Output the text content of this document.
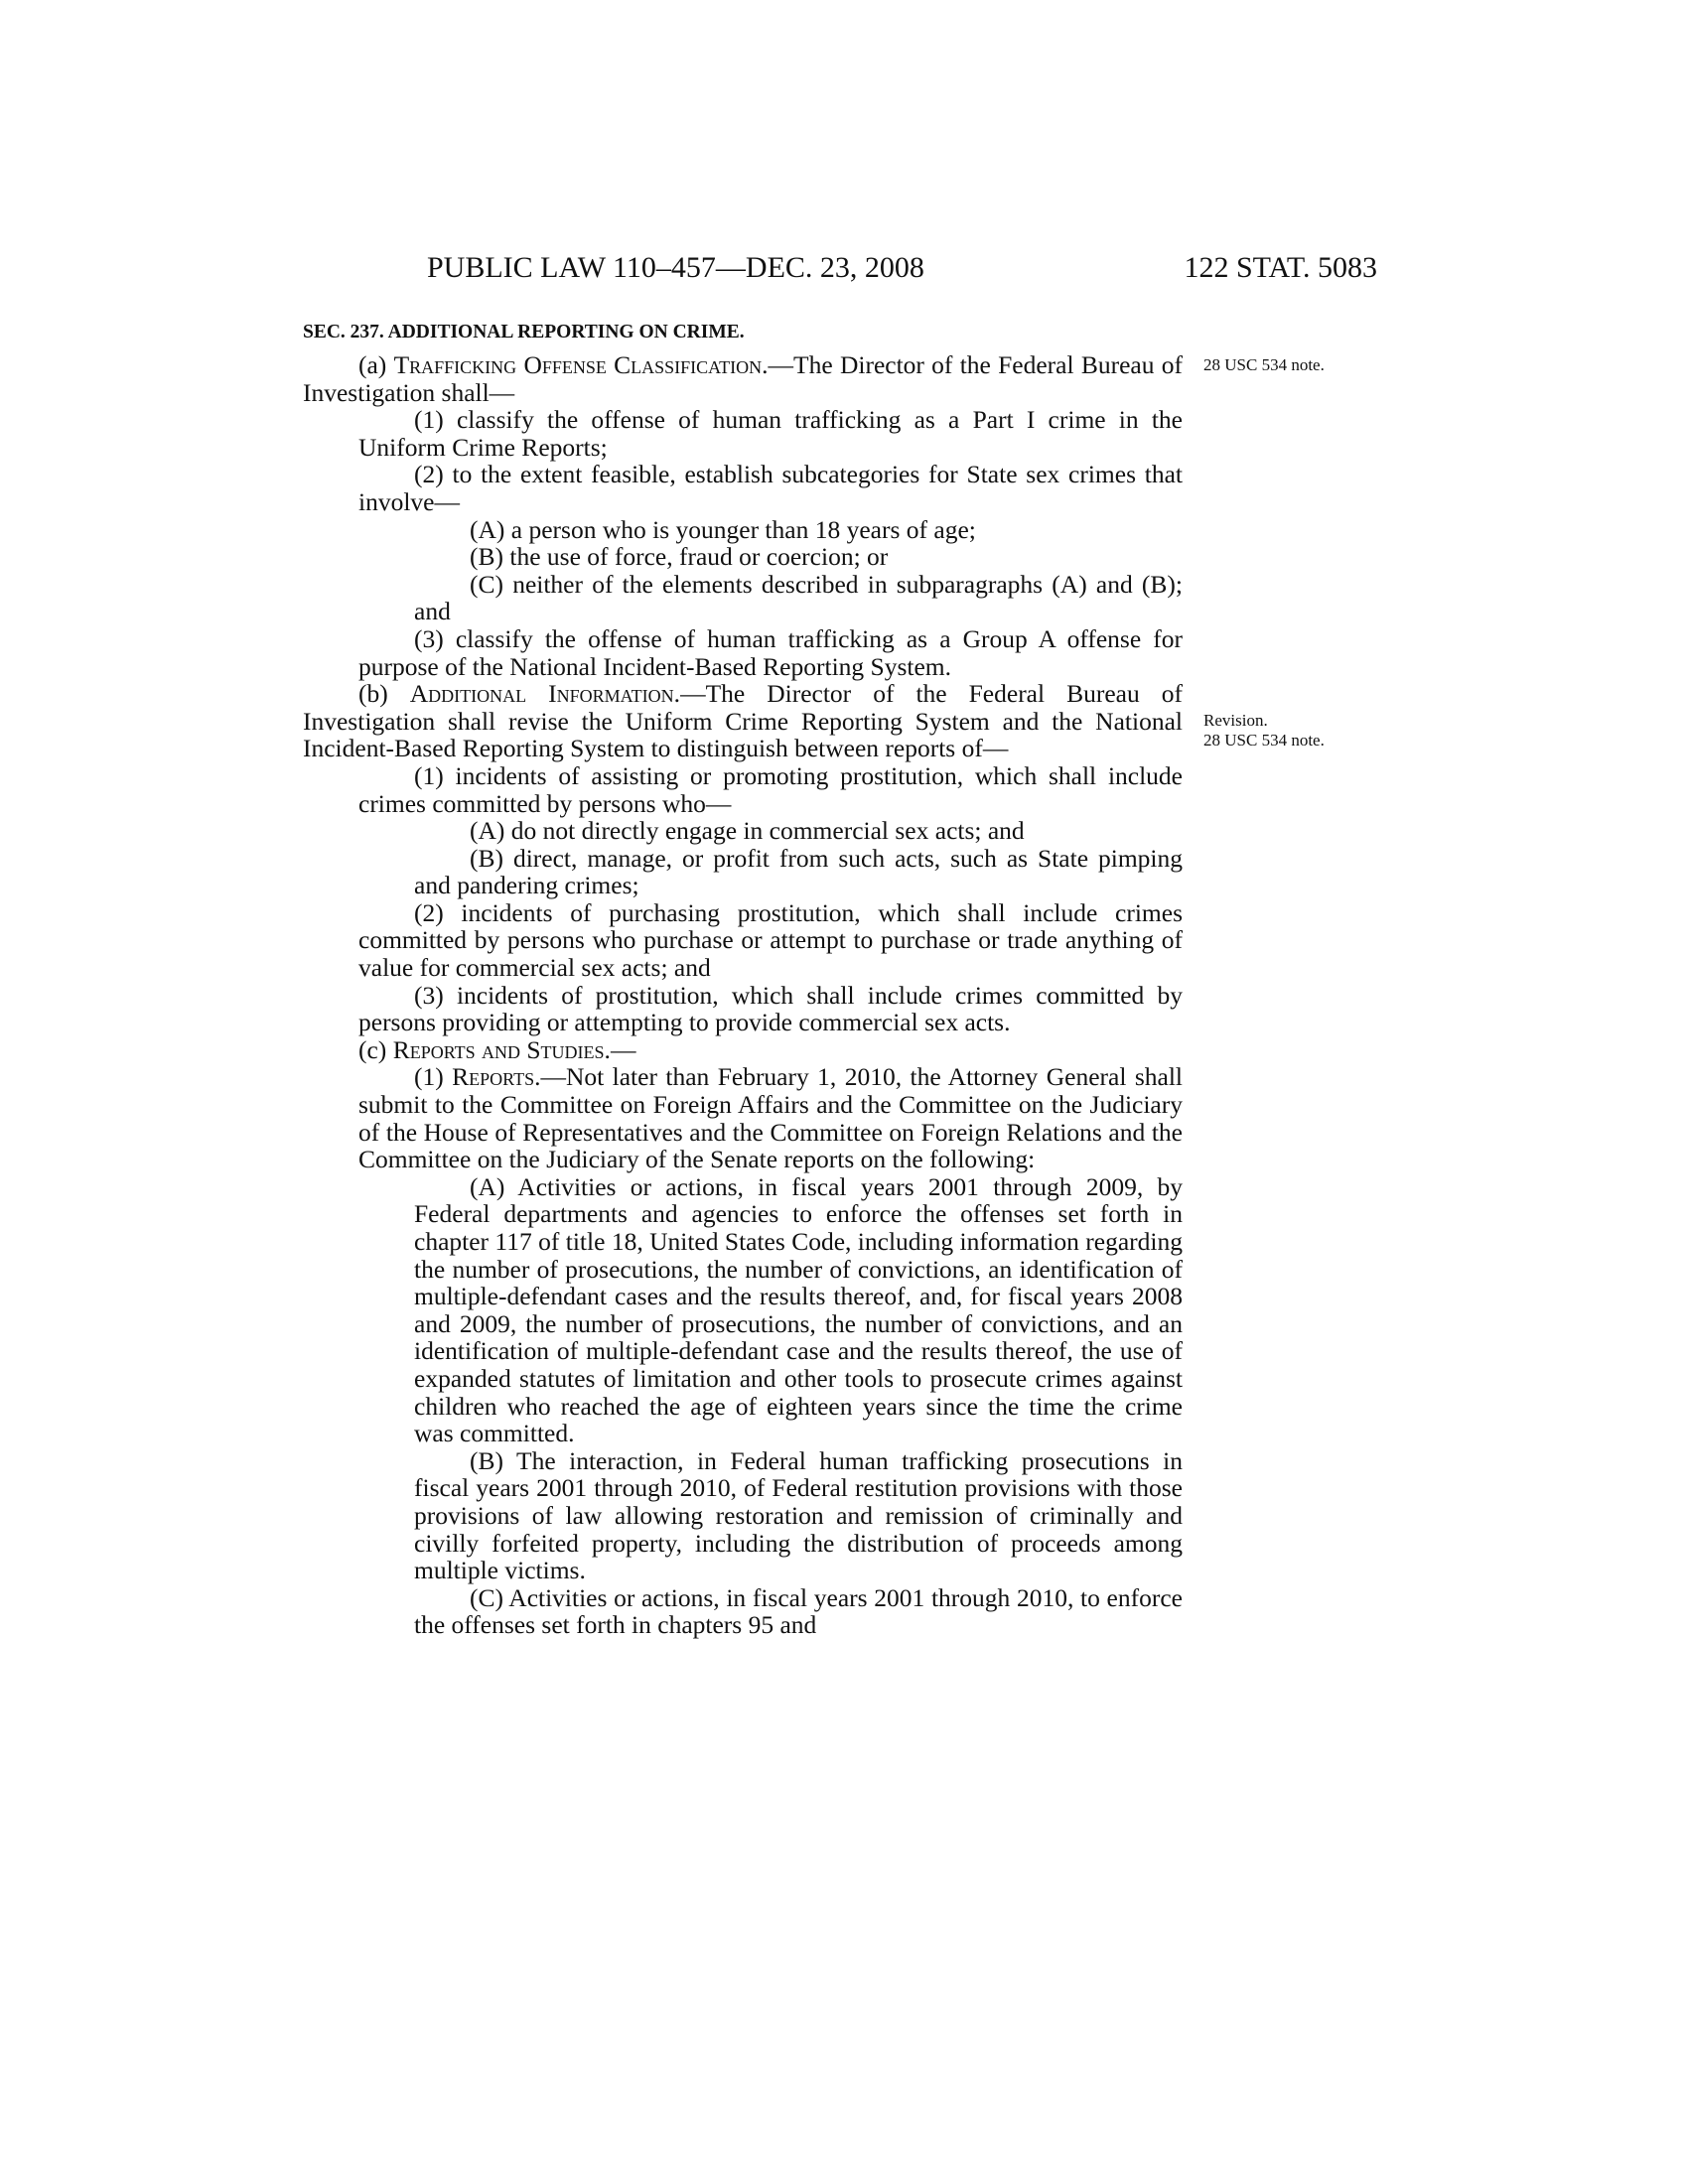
PUBLIC LAW 110–457—DEC. 23, 2008	122 STAT. 5083
SEC. 237. ADDITIONAL REPORTING ON CRIME.
28 USC 534 note.
Revision.
28 USC 534 note.

(a) Trafficking Offense Classification.—The Director of the Federal Bureau of Investigation shall—

(1) classify the offense of human trafficking as a Part I crime in the Uniform Crime Reports;

(2) to the extent feasible, establish subcategories for State sex crimes that involve—

(A) a person who is younger than 18 years of age;

(B) the use of force, fraud or coercion; or

(C) neither of the elements described in subparagraphs (A) and (B); and

(3) classify the offense of human trafficking as a Group A offense for purpose of the National Incident-Based Reporting System.

(b) Additional Information.—The Director of the Federal Bureau of Investigation shall revise the Uniform Crime Reporting System and the National Incident-Based Reporting System to distinguish between reports of—

(1) incidents of assisting or promoting prostitution, which shall include crimes committed by persons who—

(A) do not directly engage in commercial sex acts; and

(B) direct, manage, or profit from such acts, such as State pimping and pandering crimes;

(2) incidents of purchasing prostitution, which shall include crimes committed by persons who purchase or attempt to purchase or trade anything of value for commercial sex acts; and

(3) incidents of prostitution, which shall include crimes committed by persons providing or attempting to provide commercial sex acts.

(c) Reports and Studies.—

(1) Reports.—Not later than February 1, 2010, the Attorney General shall submit to the Committee on Foreign Affairs and the Committee on the Judiciary of the House of Representatives and the Committee on Foreign Relations and the Committee on the Judiciary of the Senate reports on the following:

(A) Activities or actions, in fiscal years 2001 through 2009, by Federal departments and agencies to enforce the offenses set forth in chapter 117 of title 18, United States Code, including information regarding the number of prosecutions, the number of convictions, an identification of multiple-defendant cases and the results thereof, and, for fiscal years 2008 and 2009, the number of prosecutions, the number of convictions, and an identification of multiple-defendant case and the results thereof, the use of expanded statutes of limitation and other tools to prosecute crimes against children who reached the age of eighteen years since the time the crime was committed.

(B) The interaction, in Federal human trafficking prosecutions in fiscal years 2001 through 2010, of Federal restitution provisions with those provisions of law allowing restoration and remission of criminally and civilly forfeited property, including the distribution of proceeds among multiple victims.

(C) Activities or actions, in fiscal years 2001 through 2010, to enforce the offenses set forth in chapters 95 and
